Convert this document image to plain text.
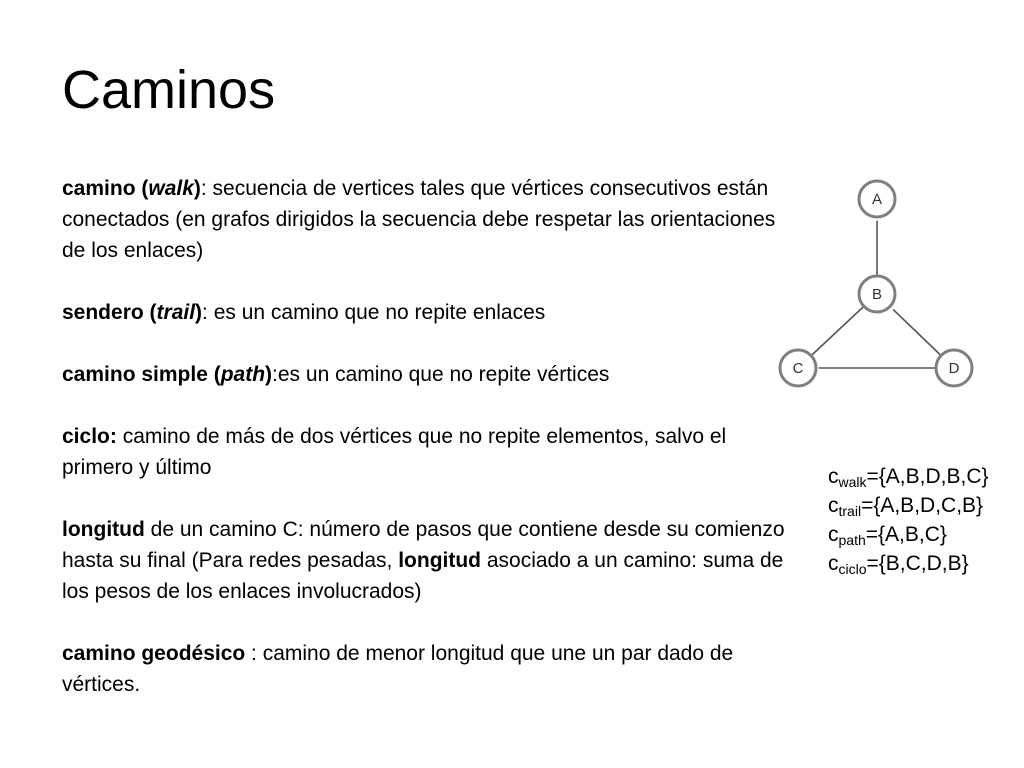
Caminos

camino (walk): secuencia de vertices tales que vértices consecutivos están conectados (en grafos dirigidos la secuencia debe respetar las orientaciones de los enlaces)

sendero (trail): es un camino que no repite enlaces

camino simple (path):es un camino que no repite vértices

ciclo: camino de más de dos vértices que no repite elementos, salvo el primero y último

longitud de un camino C: número de pasos que contiene desde su comienzo hasta su final (Para redes pesadas, longitud asociado a un camino: suma de los pesos de los enlaces involucrados)

camino geodésico : camino de menor longitud que une un par dado de vértices.

A
B
C	D
$c_{walk}=\{A,B,D,B,C\}$
$c_{trail}=\{A,B,D,C,B\}$
$c_{path}=\{A,B,C\}$
$c_{ciclo}=\{B,C,D,B\}$
